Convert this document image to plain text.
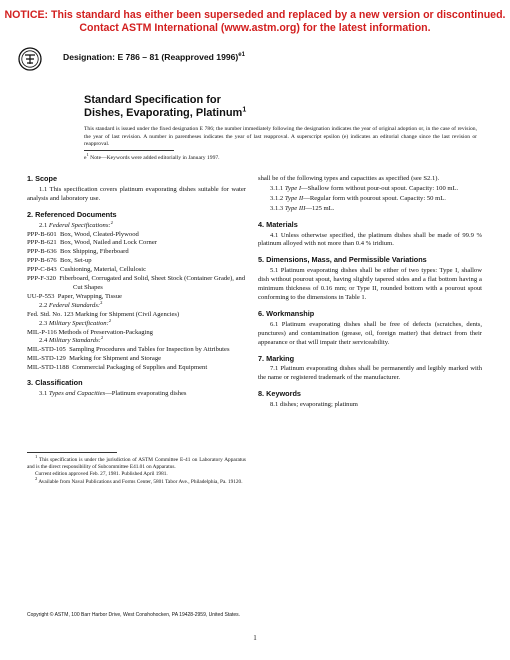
NOTICE: This standard has either been superseded and replaced by a new version or discontinued.
Contact ASTM International (www.astm.org) for the latest information.
Designation: E 786 – 81 (Reapproved 1996)$^{e1}$
Standard Specification for
Dishes, Evaporating, Platinum$^1$
This standard is issued under the fixed designation E 786; the number immediately following the designation indicates the year of original adoption or, in the case of revision, the year of last revision. A number in parentheses indicates the year of last reapproval. A superscript epsilon (e) indicates an editorial change since the last revision or reapproval.
$e^1$ Note—Keywords were added editorially in January 1997.
1. Scope

1.1 This specification covers platinum evaporating dishes suitable for water analysis and laboratory use.

2. Referenced Documents
2.1 Federal Specifications:$^2$

PPP-B-601 Box, Wood, Cleated-Plywood

PPP-B-621 Box, Wood, Nailed and Lock Corner

PPP-B-636 Box Shipping, Fiberboard

PPP-B-676 Box, Set-up

PPP-C-843 Cushioning, Material, Cellulosic

PPP-F-320 Fiberboard, Corrugated and Solid, Sheet Stock (Container Grade), and Cut Shapes

UU-P-553 Paper, Wrapping, Tissue

2.2 Federal Standards:$^2$

Fed. Std. No. 123 Marking for Shipment (Civil Agencies)

2.3 Military Specification:$^2$

MIL-P-116 Methods of Preservation-Packaging

2.4 Military Standards:$^2$

MIL-STD-105 Sampling Procedures and Tables for Inspection by Attributes

MIL-STD-129 Marking for Shipment and Storage

MIL-STD-1188 Commercial Packaging of Supplies and Equipment

3. Classification

3.1 Types and Capacities—Platinum evaporating dishes

$^1$ This specification is under the jurisdiction of ASTM Committee E-41 on Laboratory Apparatus and is the direct responsibility of Subcommittee E41.01 on Apparatus.

Current edition approved Feb. 27, 1981. Published April 1981.

$^2$ Available from Naval Publications and Forms Center, 5801 Tabor Ave., Philadelphia, Pa. 19120.

shall be of the following types and capacities as specified (see S2.1).

3.1.1 Type I—Shallow form without pour-out spout. Capacity: 100 mL.

3.1.2 Type II—Regular form with pourout spout. Capacity: 50 mL.

3.1.3 Type III—125 mL.

4. Materials

4.1 Unless otherwise specified, the platinum dishes shall be made of 99.9 % platinum alloyed with not more than 0.4 % iridium.

5. Dimensions, Mass, and Permissible Variations

5.1 Platinum evaporating dishes shall be either of two types: Type I, shallow dish without pourout spout, having slightly tapered sides and a flat bottom having a minimum thickness of 0.16 mm; or Type II, rounded bottom with a pourout spout conforming to the dimensions in Table 1.

6. Workmanship

6.1 Platinum evaporating dishes shall be free of defects (scratches, dents, punctures) and contamination (grease, oil, foreign matter) that detract from their appearance or that will impair their serviceability.

7. Marking

7.1 Platinum evaporating dishes shall be permanently and legibly marked with the name or registered trademark of the manufacturer.

8. Keywords

8.1 dishes; evaporating; platinum

Copyright © ASTM, 100 Barr Harbor Drive, West Conshohocken, PA 19428-2959, United States.
1
